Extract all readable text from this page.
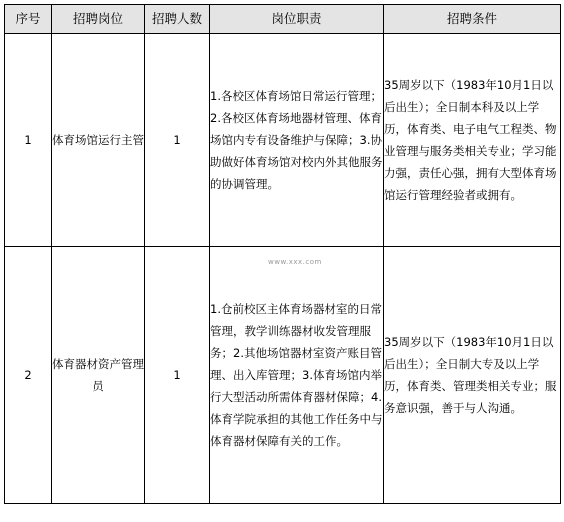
序号	招聘岗位	招聘人数	岗位职责	招聘条件
1	体育场馆运行主管	1	1.各校区体育场馆日常运行管理；2.各校区体育场地器材管理、体育场馆内专有设备维护与保障；3.协助做好体育场馆对校内外其他服务的协调管理。	35周岁以下（1983年10月1日以后出生）；全日制本科及以上学历，体育类、电子电气工程类、物业管理与服务类相关专业；学习能力强，责任心强，拥有大型体育场馆运行管理经验者或拥有。

2	体育器材资产管理员	1	1.仓前校区主体育场器材室的日常管理，教学训练器材收发管理服务；2.其他场馆器材室资产账目管理、出入库管理；3.体育场馆内举行大型活动所需体育器材保障；4.体育学院承担的其他工作任务中与体育器材保障有关的工作。	35周岁以下（1983年10月1日以后出生）；全日制大专及以上学历，体育类、管理类相关专业；服务意识强，善于与人沟通。

www.xxx.com
